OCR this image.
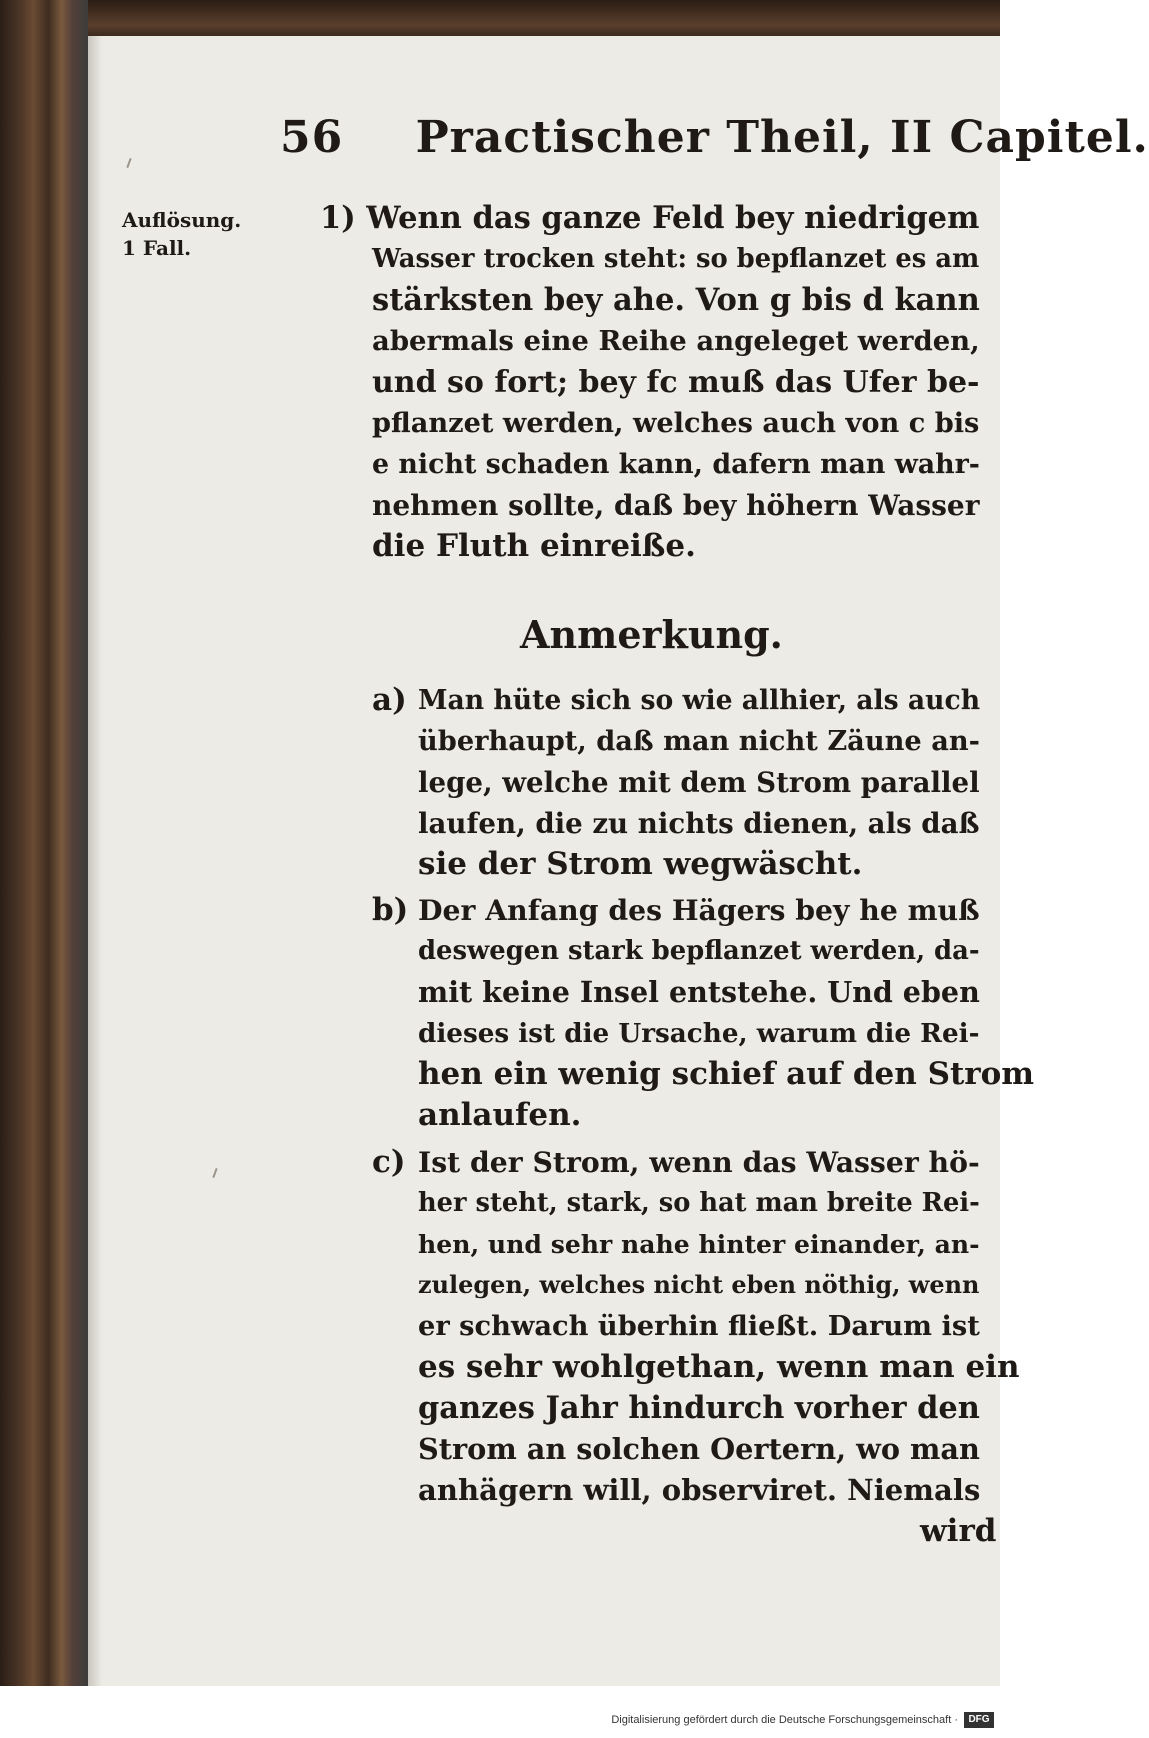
56 Practischer Theil, II Capitel.
Auflösung.
1 Fall.
1) Wenn das ganze Feld bey niedrigem
Wasser trocken steht: so bepflanzet es am
stärksten bey ahe. Von g bis d kann
abermals eine Reihe angeleget werden,
und so fort; bey fc muß das Ufer be-
pflanzet werden, welches auch von c bis
e nicht schaden kann, dafern man wahr-
nehmen sollte, daß bey höhern Wasser
die Fluth einreiße.
Anmerkung.
a) Man hüte sich so wie allhier, als auch
überhaupt, daß man nicht Zäune an-
lege, welche mit dem Strom parallel
laufen, die zu nichts dienen, als daß
sie der Strom wegwäscht.
b) Der Anfang des Hägers bey he muß
deswegen stark bepflanzet werden, da-
mit keine Insel entstehe. Und eben
dieses ist die Ursache, warum die Rei-
hen ein wenig schief auf den Strom
anlaufen.
c) Ist der Strom, wenn das Wasser hö-
her steht, stark, so hat man breite Rei-
hen, und sehr nahe hinter einander, an-
zulegen, welches nicht eben nöthig, wenn
er schwach überhin fließt. Darum ist
es sehr wohlgethan, wenn man ein
ganzes Jahr hindurch vorher den
Strom an solchen Oertern, wo man
anhägern will, observiret. Niemals
wird
Digitalisierung gefördert durch die Deutsche Forschungsgemeinschaft ·	DFG
